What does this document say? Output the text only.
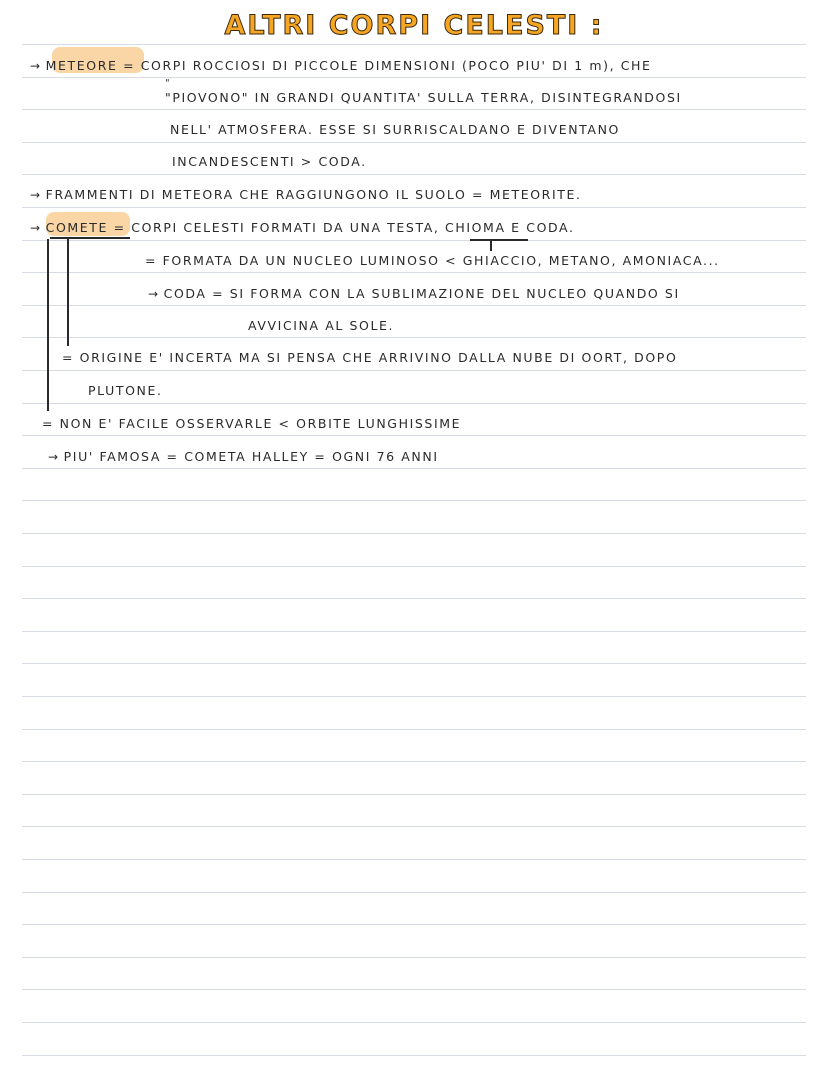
ALTRI CORPI CELESTI :
→ METEORE = CORPI ROCCIOSI DI PICCOLE DIMENSIONI (POCO PIU' DI 1 m), CHE
"
"PIOVONO" IN GRANDI QUANTITA' SULLA TERRA, DISINTEGRANDOSI
NELL' ATMOSFERA. ESSE SI SURRISCALDANO E DIVENTANO
INCANDESCENTI > CODA.
→ FRAMMENTI DI METEORA CHE RAGGIUNGONO IL SUOLO = METEORITE.
→ COMETE = CORPI CELESTI FORMATI DA UNA TESTA, CHIOMA E CODA.
= FORMATA DA UN NUCLEO LUMINOSO < GHIACCIO, METANO, AMONIACA...
→ CODA = SI FORMA CON LA SUBLIMAZIONE DEL NUCLEO QUANDO SI
AVVICINA AL SOLE.
= ORIGINE E' INCERTA MA SI PENSA CHE ARRIVINO DALLA NUBE DI OORT, DOPO
PLUTONE.
= NON E' FACILE OSSERVARLE < ORBITE LUNGHISSIME
→ PIU' FAMOSA = COMETA HALLEY = OGNI 76 ANNI
